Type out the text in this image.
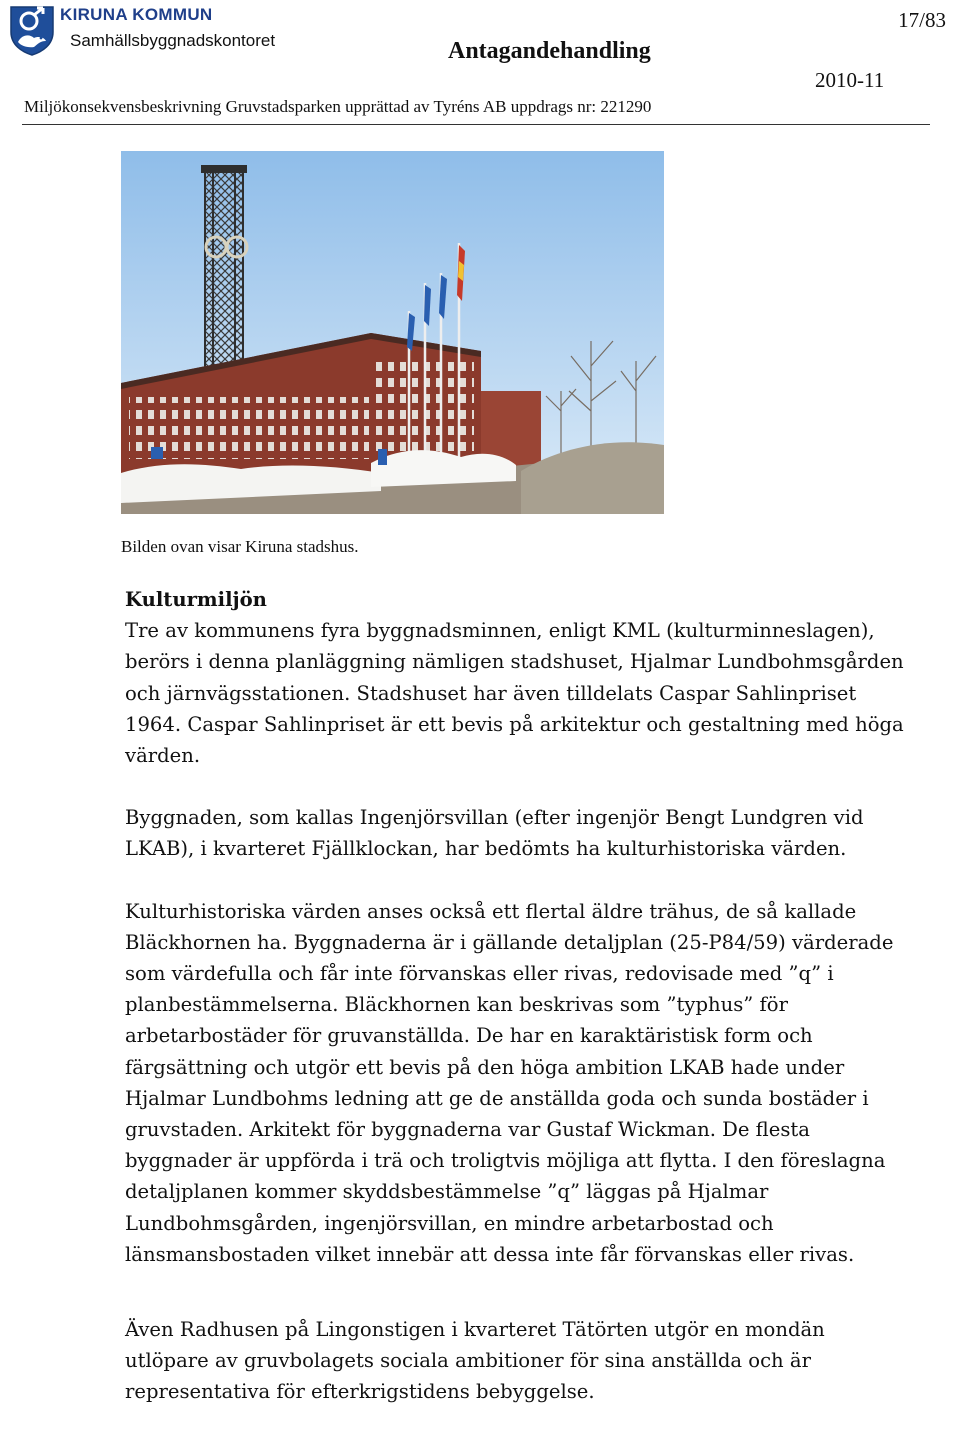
KIRUNA KOMMUN
Samhällsbyggnadskontoret	Antagandehandling
17/83
2010-11
Miljökonsekvensbeskrivning Gruvstadsparken upprättad av Tyréns AB uppdrags nr: 221290
Bilden ovan visar Kiruna stadshus.

Kulturmiljön

Tre av kommunens fyra byggnadsminnen, enligt KML (kulturminneslagen), berörs i denna planläggning nämligen stadshuset, Hjalmar Lundbohmsgården och järnvägsstationen. Stadshuset har även tilldelats Caspar Sahlinpriset 1964. Caspar Sahlinpriset är ett bevis på arkitektur och gestaltning med höga värden.

Byggnaden, som kallas Ingenjörsvillan (efter ingenjör Bengt Lundgren vid LKAB), i kvarteret Fjällklockan, har bedömts ha kulturhistoriska värden.

Kulturhistoriska värden anses också ett flertal äldre trähus, de så kallade Bläckhornen ha. Byggnaderna är i gällande detaljplan (25-P84/59) värderade som värdefulla och får inte förvanskas eller rivas, redovisade med ”q” i planbestämmelserna. Bläckhornen kan beskrivas som ”typhus” för arbetarbostäder för gruvanställda. De har en karaktäristisk form och färgsättning och utgör ett bevis på den höga ambition LKAB hade under Hjalmar Lundbohms ledning att ge de anställda goda och sunda bostäder i gruvstaden. Arkitekt för byggnaderna var Gustaf Wickman. De flesta byggnader är uppförda i trä och troligtvis möjliga att flytta. I den föreslagna detaljplanen kommer skyddsbestämmelse ”q” läggas på Hjalmar Lundbohmsgården, ingenjörsvillan, en mindre arbetarbostad och länsmansbostaden vilket innebär att dessa inte får förvanskas eller rivas.

Även Radhusen på Lingonstigen i kvarteret Tätörten utgör en mondän utlöpare av gruvbolagets sociala ambitioner för sina anställda och är representativa för efterkrigstidens bebyggelse.
